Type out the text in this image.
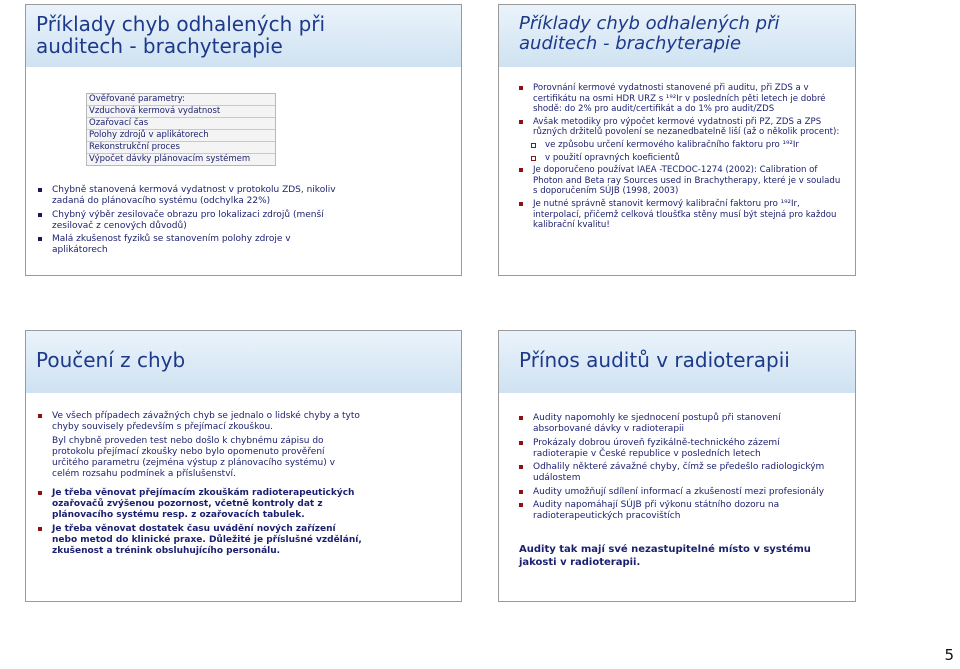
Příklady chyb odhalených při auditech - brachyterapie
Ověřované parametry:
Vzduchová kermová vydatnost
Ozařovací čas
Polohy zdrojů v aplikátorech
Rekonstrukční proces
Výpočet dávky plánovacím systémem
Chybně stanovená kermová vydatnost v protokolu ZDS, nikoliv zadaná do plánovacího systému (odchylka 22%)
Chybný výběr zesilovače obrazu pro lokalizaci zdrojů (menší zesilovač z cenových důvodů)
Malá zkušenost fyziků se stanovením polohy zdroje v aplikátorech
Příklady chyb odhalených při auditech - brachyterapie
Porovnání kermové vydatnosti stanovené při auditu, při ZDS a v certifikátu na osmi HDR URZ s ¹⁹²Ir v posledních pěti letech je dobré shodě: do 2% pro audit/certifikát a do 1% pro audit/ZDS
Avšak metodiky pro výpočet kermové vydatnosti při PZ, ZDS a ZPS různých držitelů povolení se nezanedbatelně liší (až o několik procent):
ve způsobu určení kermového kalibračního faktoru pro ¹⁹²Ir
v použití opravných koeficientů
Je doporučeno používat IAEA -TECDOC-1274 (2002): Calibration of Photon and Beta ray Sources used in Brachytherapy, které je v souladu s doporučením SÚJB (1998, 2003)
Je nutné správně stanovit kermový kalibrační faktoru pro ¹⁹²Ir, interpolací, přičemž celková tloušťka stěny musí být stejná pro každou kalibrační kvalitu!
Poučení z chyb
Ve všech případech závažných chyb se jednalo o lidské chyby a tyto chyby souvisely především s přejímací zkouškou.
Byl chybně proveden test nebo došlo k chybnému zápisu do protokolu přejímací zkoušky nebo bylo opomenuto prověření určitého parametru (zejména výstup z plánovacího systému) v celém rozsahu podmínek a příslušenství.
Je třeba věnovat přejímacím zkouškám radioterapeutických ozařovačů zvýšenou pozornost, včetně kontroly dat z plánovacího systému resp. z ozařovacích tabulek.
Je třeba věnovat dostatek času uvádění nových zařízení nebo metod do klinické praxe. Důležité je příslušné vzdělání, zkušenost a trénink obsluhujícího personálu.
Přínos auditů v radioterapii
Audity napomohly ke sjednocení postupů při stanovení absorbované dávky v radioterapii
Prokázaly dobrou úroveň fyzikálně-technického zázemí radioterapie v České republice v posledních letech
Odhalily některé závažné chyby, čímž se předešlo radiologickým událostem
Audity umožňují sdílení informací a zkušeností mezi profesionály
Audity napomáhají SÚJB při výkonu státního dozoru na radioterapeutických pracovištích
Audity tak mají své nezastupitelné místo v systému jakosti v radioterapii.
5
